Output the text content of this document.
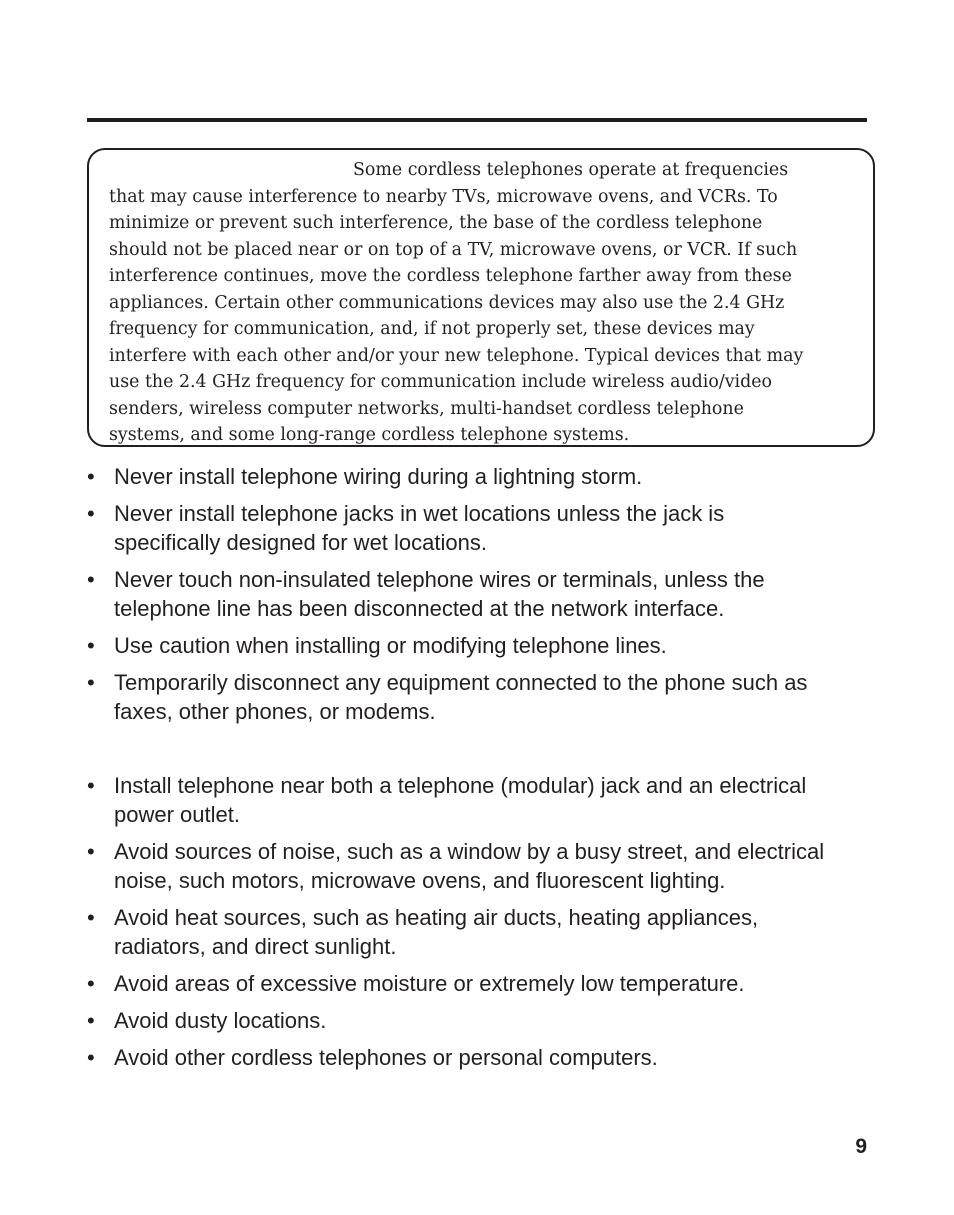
Some cordless telephones operate at frequencies
that may cause interference to nearby TVs, microwave ovens, and VCRs. To
minimize or prevent such interference, the base of the cordless telephone
should not be placed near or on top of a TV, microwave ovens, or VCR. If such
interference continues, move the cordless telephone farther away from these
appliances. Certain other communications devices may also use the 2.4 GHz
frequency for communication, and, if not properly set, these devices may
interfere with each other and/or your new telephone. Typical devices that may
use the 2.4 GHz frequency for communication include wireless audio/video
senders, wireless computer networks, multi-handset cordless telephone
systems, and some long-range cordless telephone systems.
• Never install telephone wiring during a lightning storm.
• Never install telephone jacks in wet locations unless the jack is
specifically designed for wet locations.
• Never touch non-insulated telephone wires or terminals, unless the
telephone line has been disconnected at the network interface.
• Use caution when installing or modifying telephone lines.
• Temporarily disconnect any equipment connected to the phone such as
faxes, other phones, or modems.
• Install telephone near both a telephone (modular) jack and an electrical
power outlet.
• Avoid sources of noise, such as a window by a busy street, and electrical
noise, such motors, microwave ovens, and fluorescent lighting.
• Avoid heat sources, such as heating air ducts, heating appliances,
radiators, and direct sunlight.
• Avoid areas of excessive moisture or extremely low temperature.
• Avoid dusty locations.
• Avoid other cordless telephones or personal computers.
9
